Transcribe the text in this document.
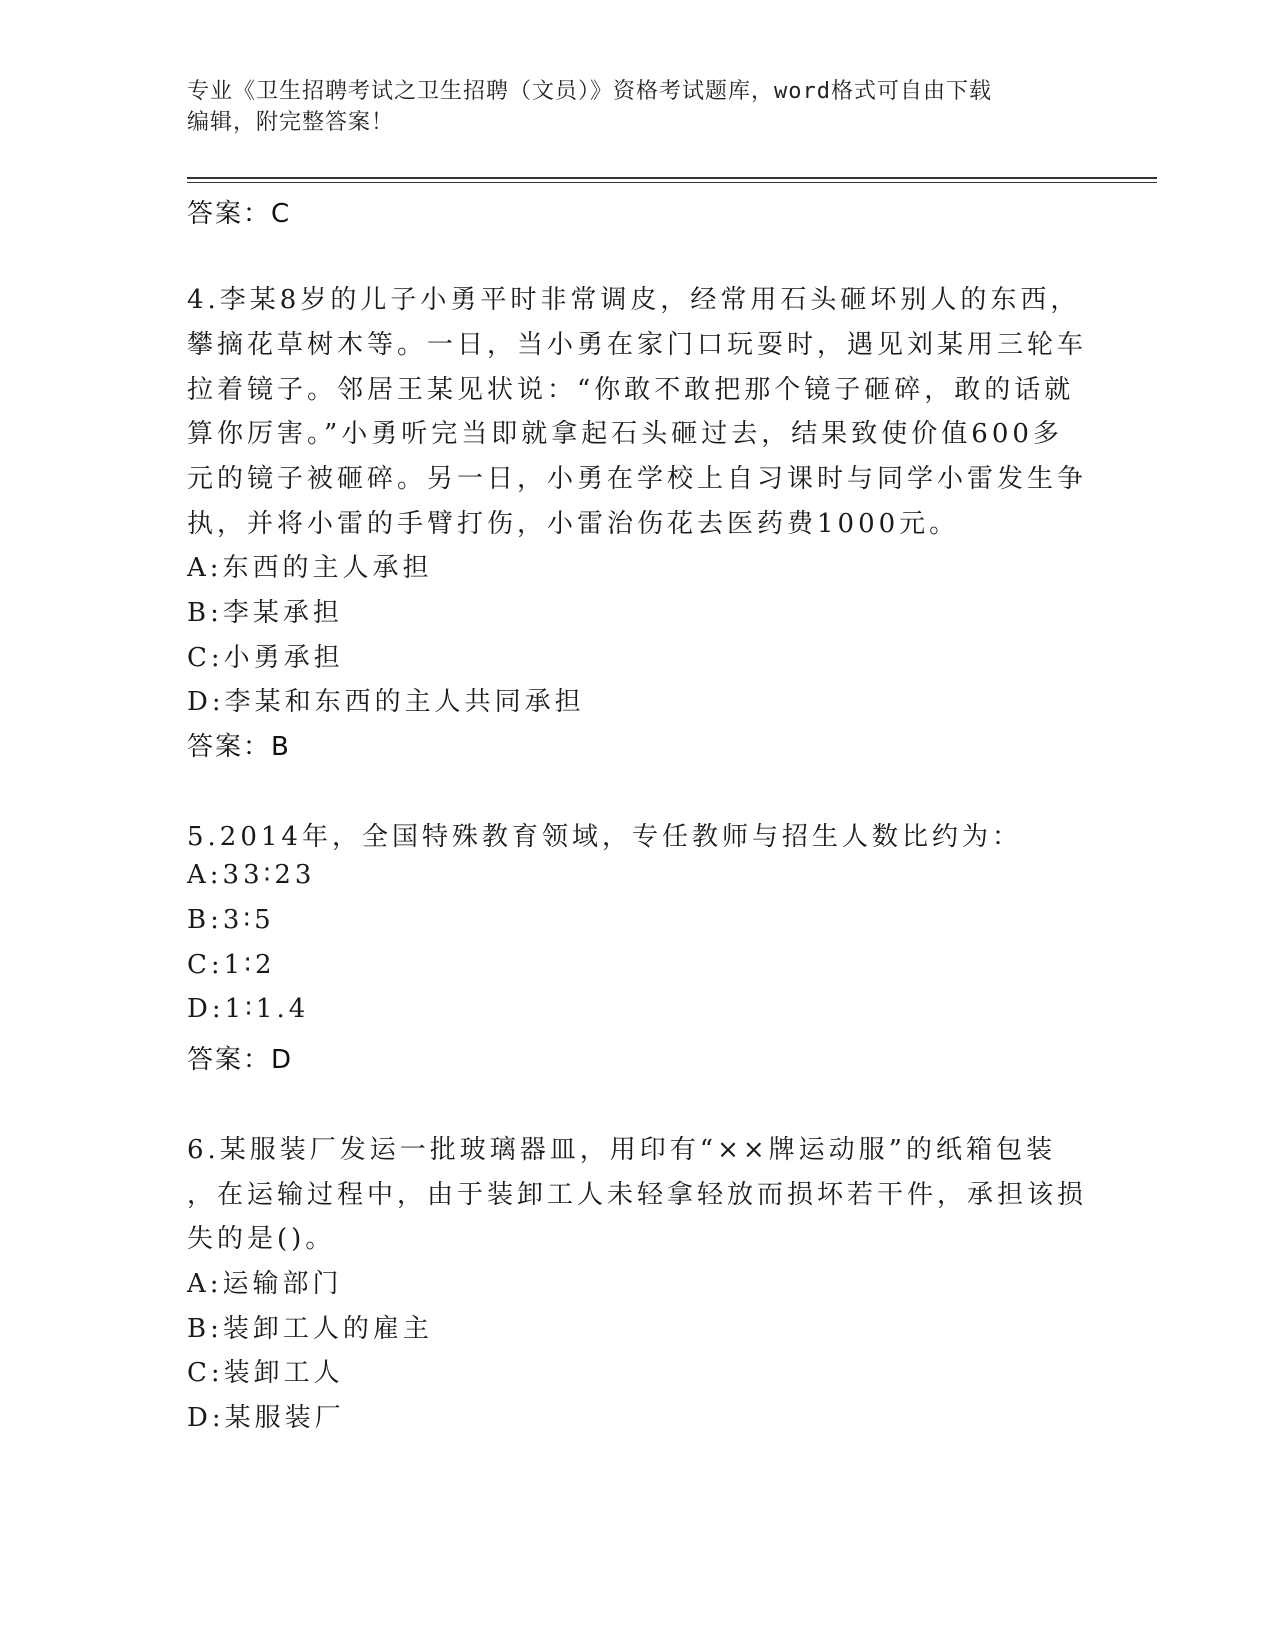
专业《卫生招聘考试之卫生招聘（文员）》资格考试题库，word格式可自由下载
编辑，附完整答案！
答案：C
4.李某8岁的儿子小勇平时非常调皮，经常用石头砸坏别人的东西，
攀摘花草树木等。一日，当小勇在家门口玩耍时，遇见刘某用三轮车
拉着镜子。邻居王某见状说：“你敢不敢把那个镜子砸碎，敢的话就
算你厉害。”小勇听完当即就拿起石头砸过去，结果致使价值600多
元的镜子被砸碎。另一日，小勇在学校上自习课时与同学小雷发生争
执，并将小雷的手臂打伤，小雷治伤花去医药费1000元。
A:东西的主人承担
B:李某承担
C:小勇承担
D:李某和东西的主人共同承担
答案：B
5.2014年，全国特殊教育领域，专任教师与招生人数比约为：
A:33∶23
B:3∶5
C:1∶2
D:1∶1.4
答案：D
6.某服装厂发运一批玻璃器皿，用印有“××牌运动服”的纸箱包装
，在运输过程中，由于装卸工人未轻拿轻放而损坏若干件，承担该损
失的是()。
A:运输部门
B:装卸工人的雇主
C:装卸工人
D:某服装厂
